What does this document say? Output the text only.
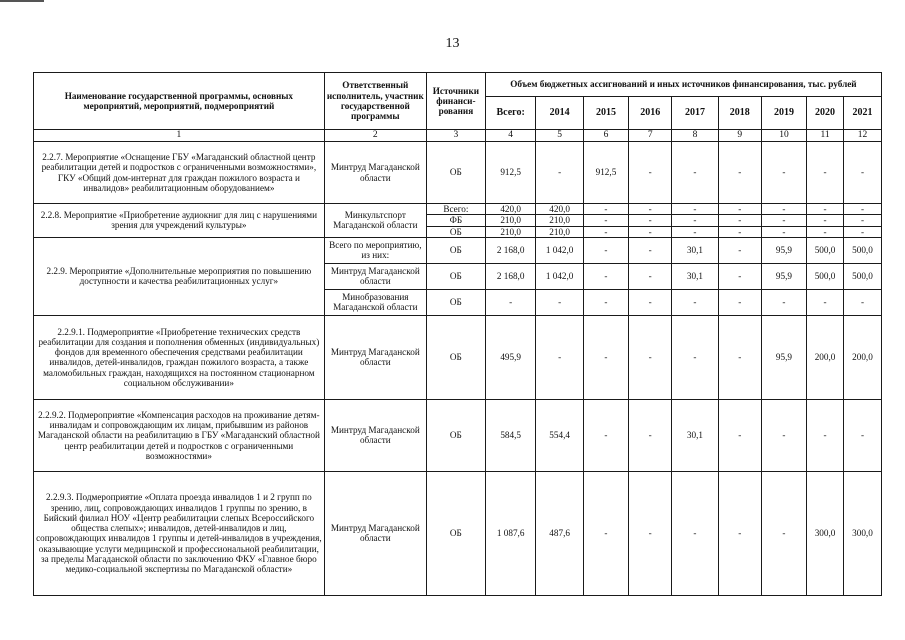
13
Наименование государственной программы, основных мероприятий, мероприятий, подмероприятий	Ответственный исполнитель, участник государственной программы	Источники финанси-рования	Объем бюджетных ассигнований и иных источников финансирования, тыс. рублей								
			Всего:	2014	2015	2016	2017	2018	2019	2020	2021
1	2	3	4	5	6	7	8	9	10	11	12
2.2.7. Мероприятие «Оснащение ГБУ «Магаданский областной центр реабилитации детей и подростков с ограниченными возможностями», ГКУ «Общий дом-интернат для граждан пожилого возраста и инвалидов» реабилитационным оборудованием»	Минтруд Магаданской области	ОБ	912,5	-	912,5	-	-	-	-	-	-
2.2.8. Мероприятие «Приобретение аудиокниг для лиц с нарушениями зрения для учреждений культуры»	Минкультспорт Магаданской области	Всего:	420,0	420,0	-	-	-	-	-	-	-
		ФБ	210,0	210,0	-	-	-	-	-	-	-
		ОБ	210,0	210,0	-	-	-	-	-	-	-
2.2.9. Мероприятие «Дополнительные мероприятия по повышению доступности и качества реабилитационных услуг»	Всего по мероприятию, из них:	ОБ	2 168,0	1 042,0	-	-	30,1	-	95,9	500,0	500,0
	Минтруд Магаданской области	ОБ	2 168,0	1 042,0	-	-	30,1	-	95,9	500,0	500,0
	Минобразования Магаданской области	ОБ	-	-	-	-	-	-	-	-	-
2.2.9.1. Подмероприятие «Приобретение технических средств реабилитации для создания и пополнения обменных (индивидуальных) фондов для временного обеспечения средствами реабилитации инвалидов, детей-инвалидов, граждан пожилого возраста, а также маломобильных граждан, находящихся на постоянном стационарном социальном обслуживании»	Минтруд Магаданской области	ОБ	495,9	-	-	-	-	-	95,9	200,0	200,0
2.2.9.2. Подмероприятие «Компенсация расходов на проживание детям-инвалидам и сопровождающим их лицам, прибывшим из районов Магаданской области на реабилитацию в ГБУ «Магаданский областной центр реабилитации детей и подростков с ограниченными возможностями»	Минтруд Магаданской области	ОБ	584,5	554,4	-	-	30,1	-	-	-	-
2.2.9.3. Подмероприятие «Оплата проезда инвалидов 1 и 2 групп по зрению, лиц, сопровождающих инвалидов 1 группы по зрению, в Бийский филиал НОУ «Центр реабилитации слепых Всероссийского общества слепых»; инвалидов, детей-инвалидов и лиц, сопровождающих инвалидов 1 группы и детей-инвалидов в учреждения, оказывающие услуги медицинской и профессиональной реабилитации, за пределы Магаданской области по заключению ФКУ «Главное бюро медико-социальной экспертизы по Магаданской области»	Минтруд Магаданской области	ОБ	1 087,6	487,6	-	-	-	-	-	300,0	300,0
